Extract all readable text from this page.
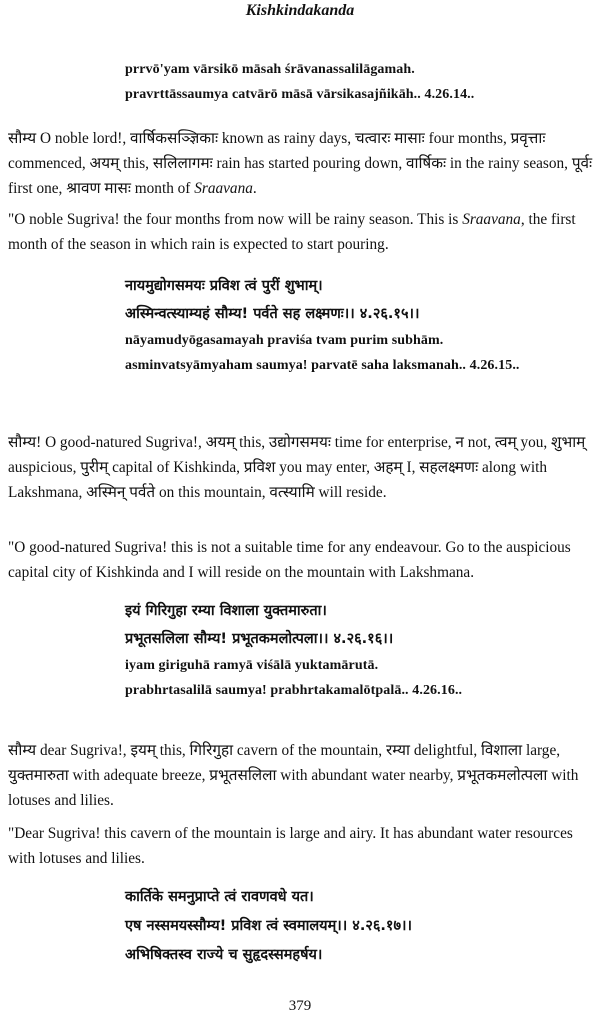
Kishkindakanda
prrvō'yam vārsikō māsah śrāvanassalilāgamah.
pravrttāssaumya catvārō māsā vārsikasajñikāh.. 4.26.14..
सौम्य O noble lord!, वार्षिकसञ्ज्ञिकाः known as rainy days, चत्वारः मासाः four months, प्रवृत्ताः commenced, अयम् this, सलिलागमः rain has started pouring down, वार्षिकः in the rainy season, पूर्वः first one, श्रावण मासः month of Sraavana.
"O noble Sugriva! the four months from now will be rainy season. This is Sraavana, the first month of the season in which rain is expected to start pouring.
नायमुद्योगसमयः प्रविश त्वं पुरीं शुभाम्।
अस्मिन्वत्स्याम्यहं सौम्य! पर्वते सह लक्ष्मणः।। ४.२६.१५।।
nāyamudyōgasamayah praviśa tvam purim subhām.
asminvatsyāmyaham saumya! parvatē saha laksmanah.. 4.26.15..
सौम्य! O good-natured Sugriva!, अयम् this, उद्योगसमयः time for enterprise, न not, त्वम् you, शुभाम् auspicious, पुरीम् capital of Kishkinda, प्रविश you may enter, अहम् I, सहलक्ष्मणः along with Lakshmana, अस्मिन् पर्वते on this mountain, वत्स्यामि will reside.
"O good-natured Sugriva! this is not a suitable time for any endeavour. Go to the auspicious capital city of Kishkinda and I will reside on the mountain with Lakshmana.
इयं गिरिगुहा रम्या विशाला युक्तमारुता।
प्रभूतसलिला सौम्य! प्रभूतकमलोत्पला।। ४.२६.१६।।
iyam giriguhā ramyā viśālā yuktamārutā.
prabhrtasalilā saumya! prabhrtakamalōtpalā.. 4.26.16..
सौम्य dear Sugriva!, इयम् this, गिरिगुहा cavern of the mountain, रम्या delightful, विशाला large, युक्तमारुता with adequate breeze, प्रभूतसलिला with abundant water nearby, प्रभूतकमलोत्पला with lotuses and lilies.
"Dear Sugriva! this cavern of the mountain is large and airy. It has abundant water resources with lotuses and lilies.
कार्तिके समनुप्राप्ते त्वं रावणवधे यत।
एष नस्समयस्सौम्य! प्रविश त्वं स्वमालयम्।। ४.२६.१७।।
अभिषिक्तस्व राज्ये च सुहृदस्समहर्षय।
379
